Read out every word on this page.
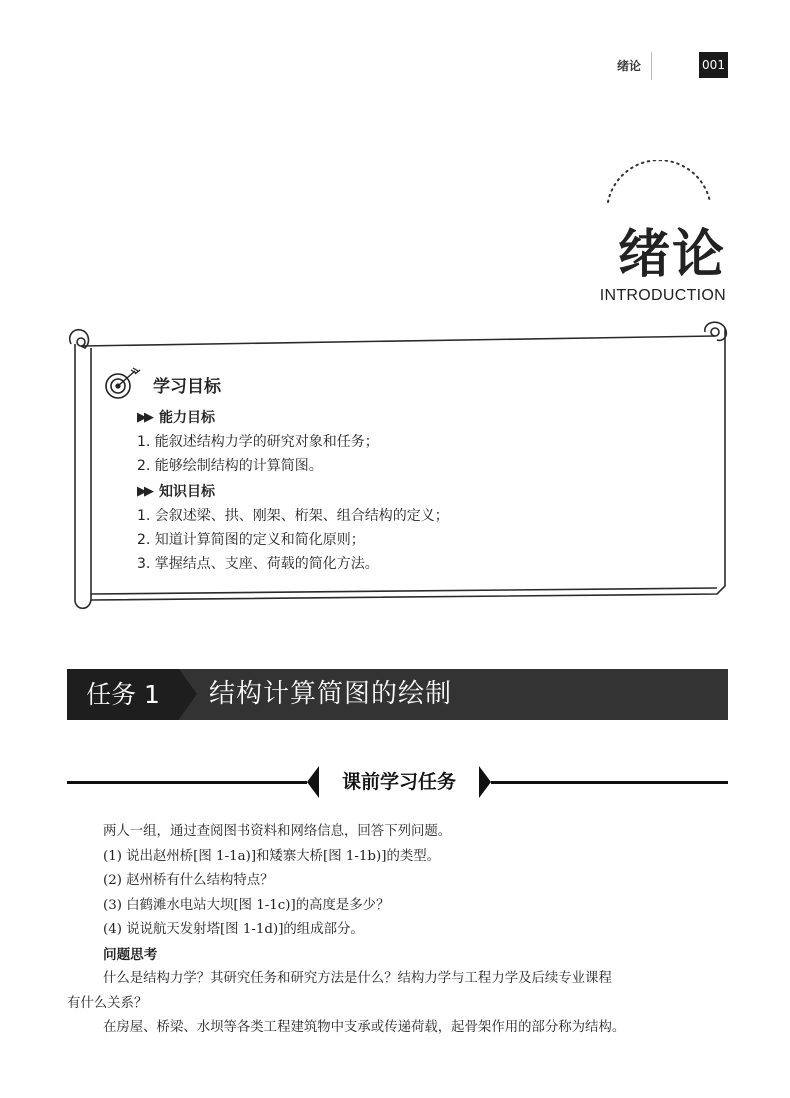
绪论	001
绪论
INTRODUCTION
学习目标
▶▶ 能力目标
1. 能叙述结构力学的研究对象和任务；
2. 能够绘制结构的计算简图。
▶▶ 知识目标
1. 会叙述梁、拱、刚架、桁架、组合结构的定义；
2. 知道计算简图的定义和简化原则；
3. 掌握结点、支座、荷载的简化方法。
任务 1	结构计算简图的绘制
课前学习任务

两人一组，通过查阅图书资料和网络信息，回答下列问题。

(1) 说出赵州桥[图 1-1a)]和矮寨大桥[图 1-1b)]的类型。

(2) 赵州桥有什么结构特点？

(3) 白鹤滩水电站大坝[图 1-1c)]的高度是多少？

(4) 说说航天发射塔[图 1-1d)]的组成部分。

问题思考

什么是结构力学？其研究任务和研究方法是什么？结构力学与工程力学及后续专业课程

有什么关系？

在房屋、桥梁、水坝等各类工程建筑物中支承或传递荷载，起骨架作用的部分称为结构。
